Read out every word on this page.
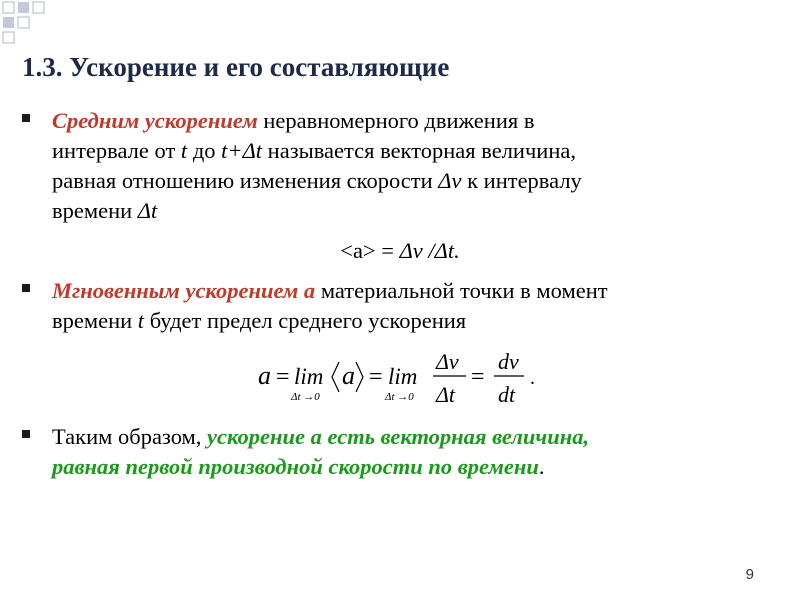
1.3. Ускорение и его составляющие
Средним ускорением неравномерного движения в
интервале от t до t+Δt называется векторная величина,
равная отношению изменения скорости Δv к интервалу
времени Δt
<a> = Δv /Δt.
Мгновенным ускорением a материальной точки в момент
времени t будет предел среднего ускорения
a = lim
Δt →0
a = lim
Δt →0
Δv
Δt
=
dv
dt
.
Таким образом, ускорение а есть векторная величина,
равная первой производной скорости по времени.
9
